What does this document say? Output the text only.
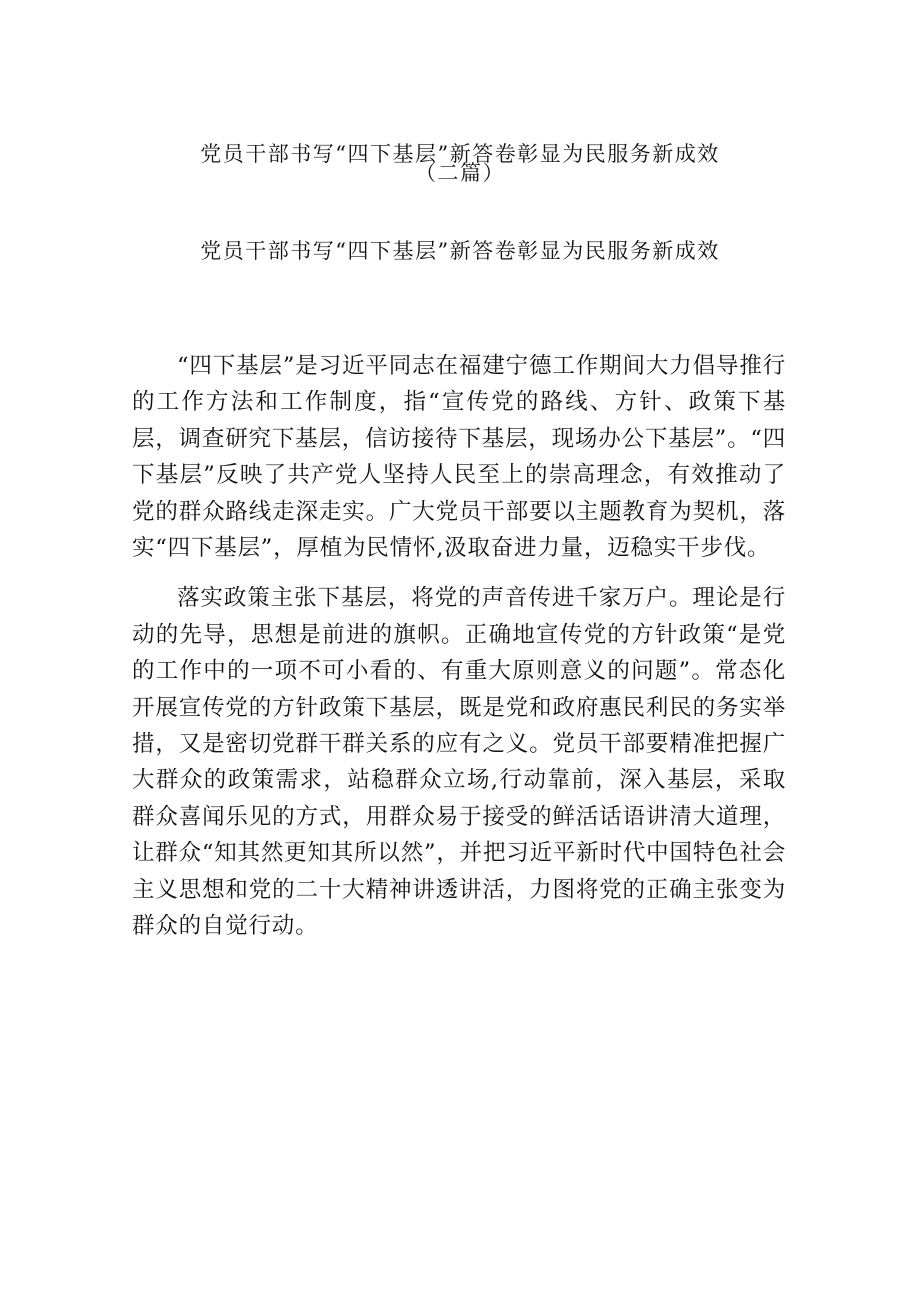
党员干部书写“四下基层”新答卷彰显为民服务新成效
（二篇）
党员干部书写“四下基层”新答卷彰显为民服务新成效

“四下基层”是习近平同志在福建宁德工作期间大力倡导推行的工作方法和工作制度，指“宣传党的路线、方针、政策下基层，调查研究下基层，信访接待下基层，现场办公下基层”。“四下基层”反映了共产党人坚持人民至上的崇高理念，有效推动了党的群众路线走深走实。广大党员干部要以主题教育为契机，落实“四下基层”，厚植为民情怀,汲取奋进力量，迈稳实干步伐。

落实政策主张下基层，将党的声音传进千家万户。理论是行动的先导，思想是前进的旗帜。正确地宣传党的方针政策“是党的工作中的一项不可小看的、有重大原则意义的问题”。常态化开展宣传党的方针政策下基层，既是党和政府惠民利民的务实举措，又是密切党群干群关系的应有之义。党员干部要精准把握广大群众的政策需求，站稳群众立场,行动靠前，深入基层，采取群众喜闻乐见的方式，用群众易于接受的鲜活话语讲清大道理，让群众“知其然更知其所以然”，并把习近平新时代中国特色社会主义思想和党的二十大精神讲透讲活，力图将党的正确主张变为群众的自觉行动。
